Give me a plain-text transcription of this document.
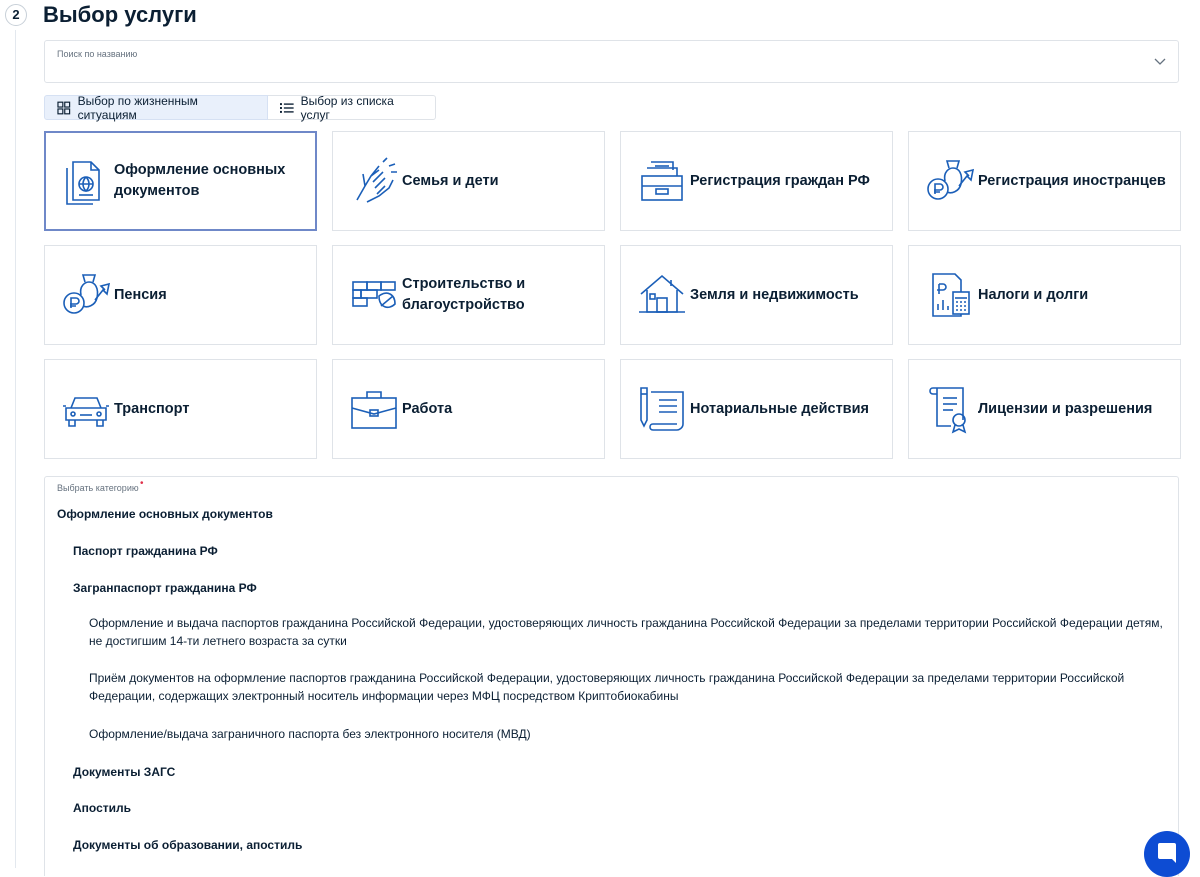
2	Выбор услуги
Поиск по названию
Выбор по жизненным ситуациям
Выбор из списка услуг
Оформление основных документов
Семья и дети	Регистрация граждан РФ	Регистрация иностранцев
Пенсия
Строительство и благоустройство
Земля и недвижимость	Налоги и долги
Транспорт	Работа	Нотариальные действия	Лицензии и разрешения
Выбрать категорию •
Оформление основных документов
Паспорт гражданина РФ
Загранпаспорт гражданина РФ
Оформление и выдача паспортов гражданина Российской Федерации, удостоверяющих личность гражданина Российской Федерации за пределами территории Российской Федерации детям, не достигшим 14-ти летнего возраста за сутки
Приём документов на оформление паспортов гражданина Российской Федерации, удостоверяющих личность гражданина Российской Федерации за пределами территории Российской Федерации, содержащих электронный носитель информации через МФЦ посредством Криптобиокабины
Оформление/выдача заграничного паспорта без электронного носителя (МВД)
Документы ЗАГС
Апостиль
Документы об образовании, апостиль
